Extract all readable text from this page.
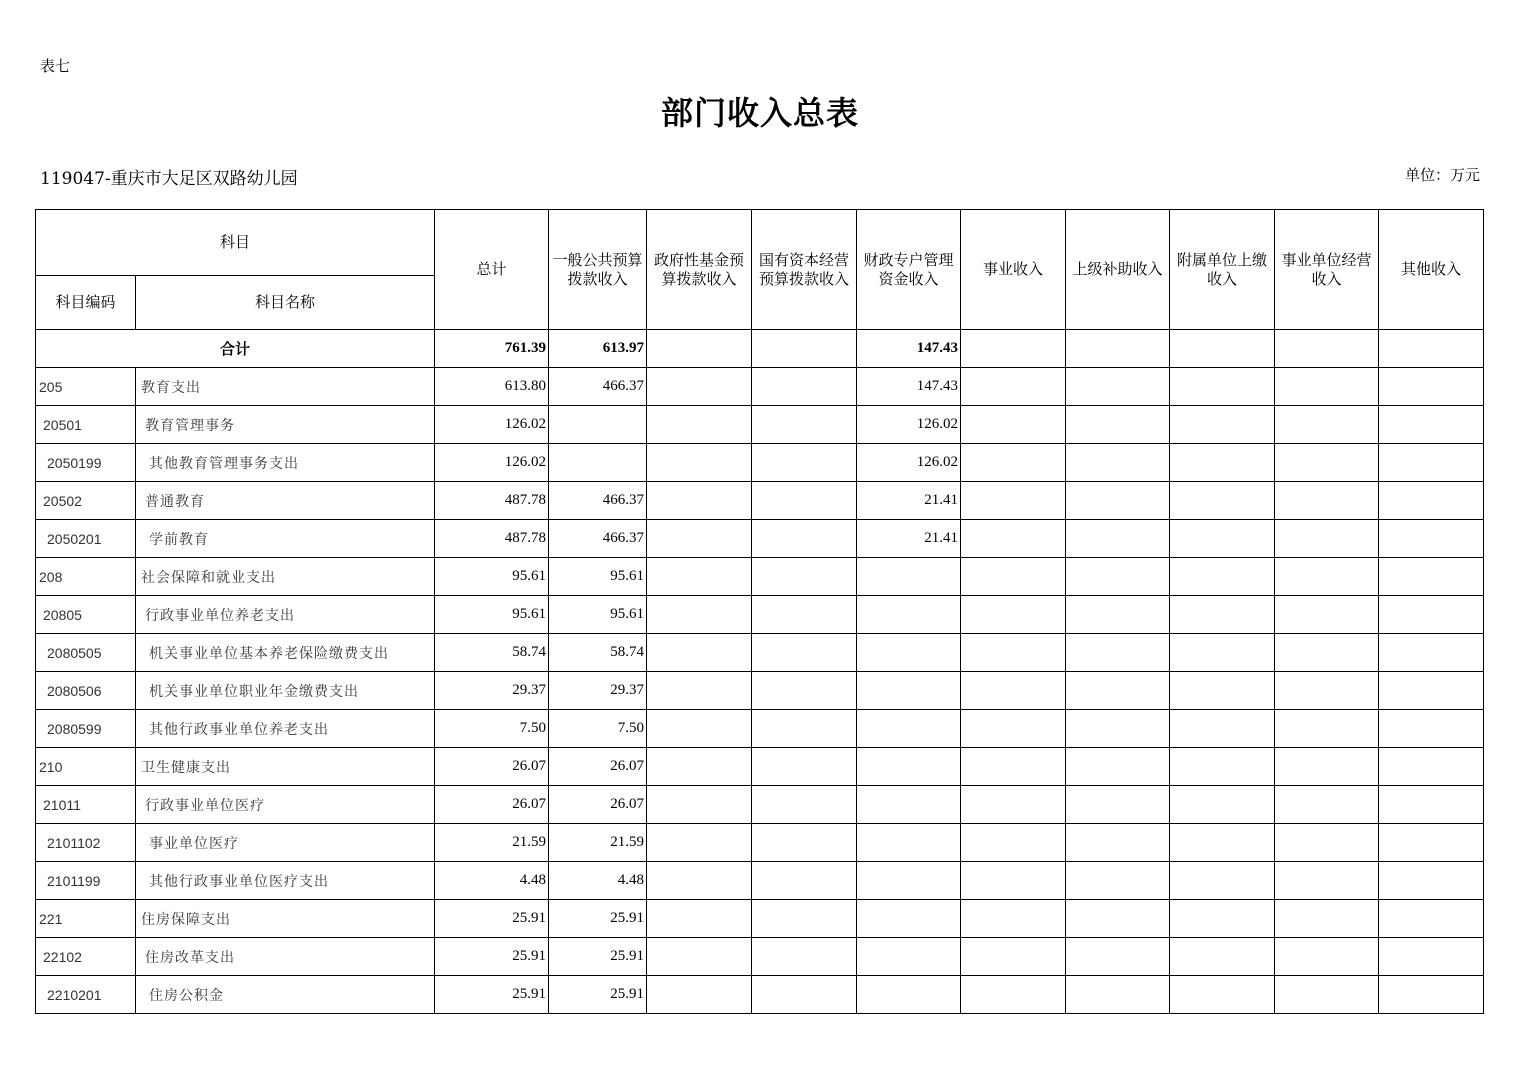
表七
部门收入总表
119047-重庆市大足区双路幼儿园	单位：万元
科目		总计	一般公共预算拨款收入	政府性基金预算拨款收入	国有资本经营预算拨款收入	财政专户管理资金收入	事业收入	上级补助收入	附属单位上缴收入	事业单位经营收入	其他收入
科目编码	科目名称										
合计		761.39	613.97			147.43					
205	教育支出	613.80	466.37			147.43					
20501	教育管理事务	126.02				126.02					
2050199	其他教育管理事务支出	126.02				126.02					
20502	普通教育	487.78	466.37			21.41					
2050201	学前教育	487.78	466.37			21.41					
208	社会保障和就业支出	95.61	95.61								
20805	行政事业单位养老支出	95.61	95.61								
2080505	机关事业单位基本养老保险缴费支出	58.74	58.74								
2080506	机关事业单位职业年金缴费支出	29.37	29.37								
2080599	其他行政事业单位养老支出	7.50	7.50								
210	卫生健康支出	26.07	26.07								
21011	行政事业单位医疗	26.07	26.07								
2101102	事业单位医疗	21.59	21.59								
2101199	其他行政事业单位医疗支出	4.48	4.48								
221	住房保障支出	25.91	25.91								
22102	住房改革支出	25.91	25.91								
2210201	住房公积金	25.91	25.91								
